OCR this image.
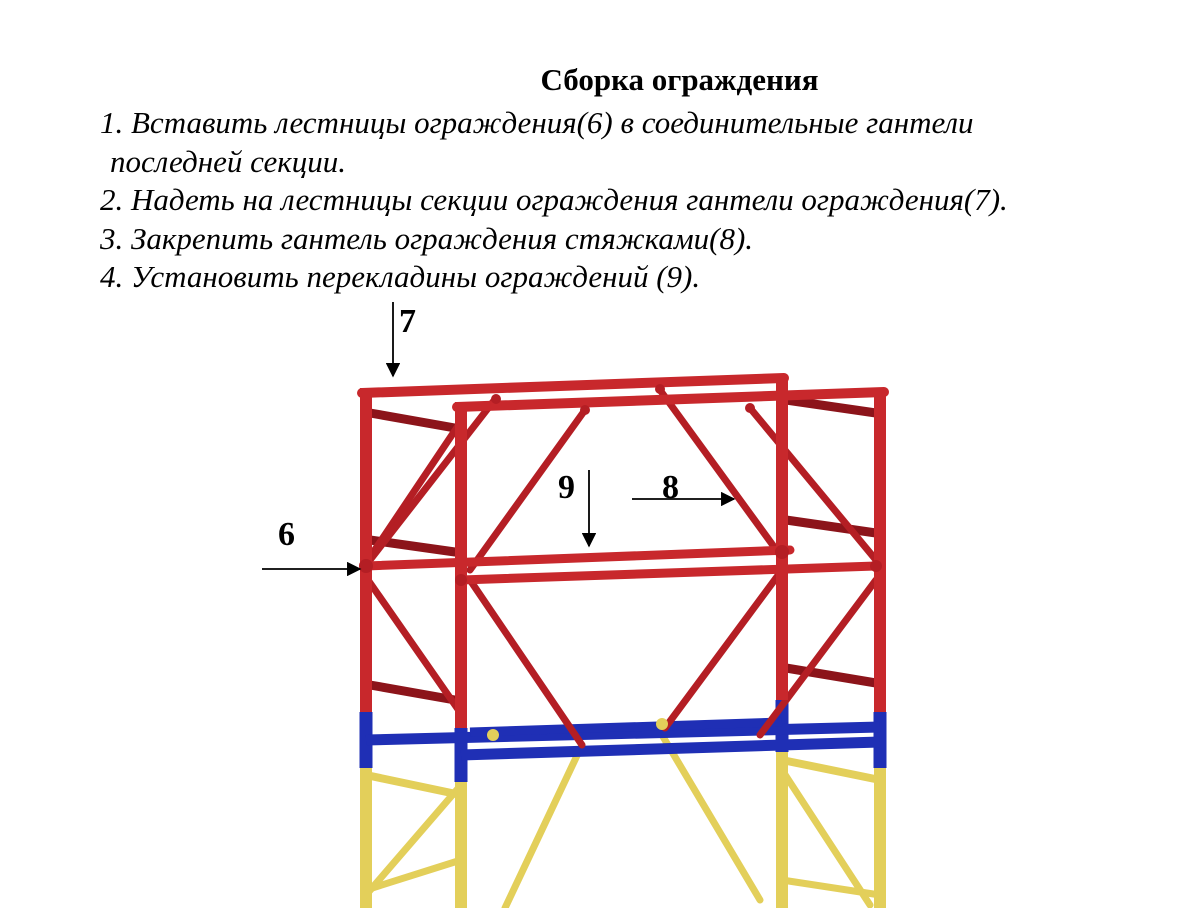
Сборка ограждения
1. Вставить лестницы ограждения(6) в соединительные гантели
последней секции.
2. Надеть на лестницы секции ограждения гантели ограждения(7).
3. Закрепить гантель ограждения стяжками(8).
4. Установить перекладины ограждений (9).
7
9	8
6
